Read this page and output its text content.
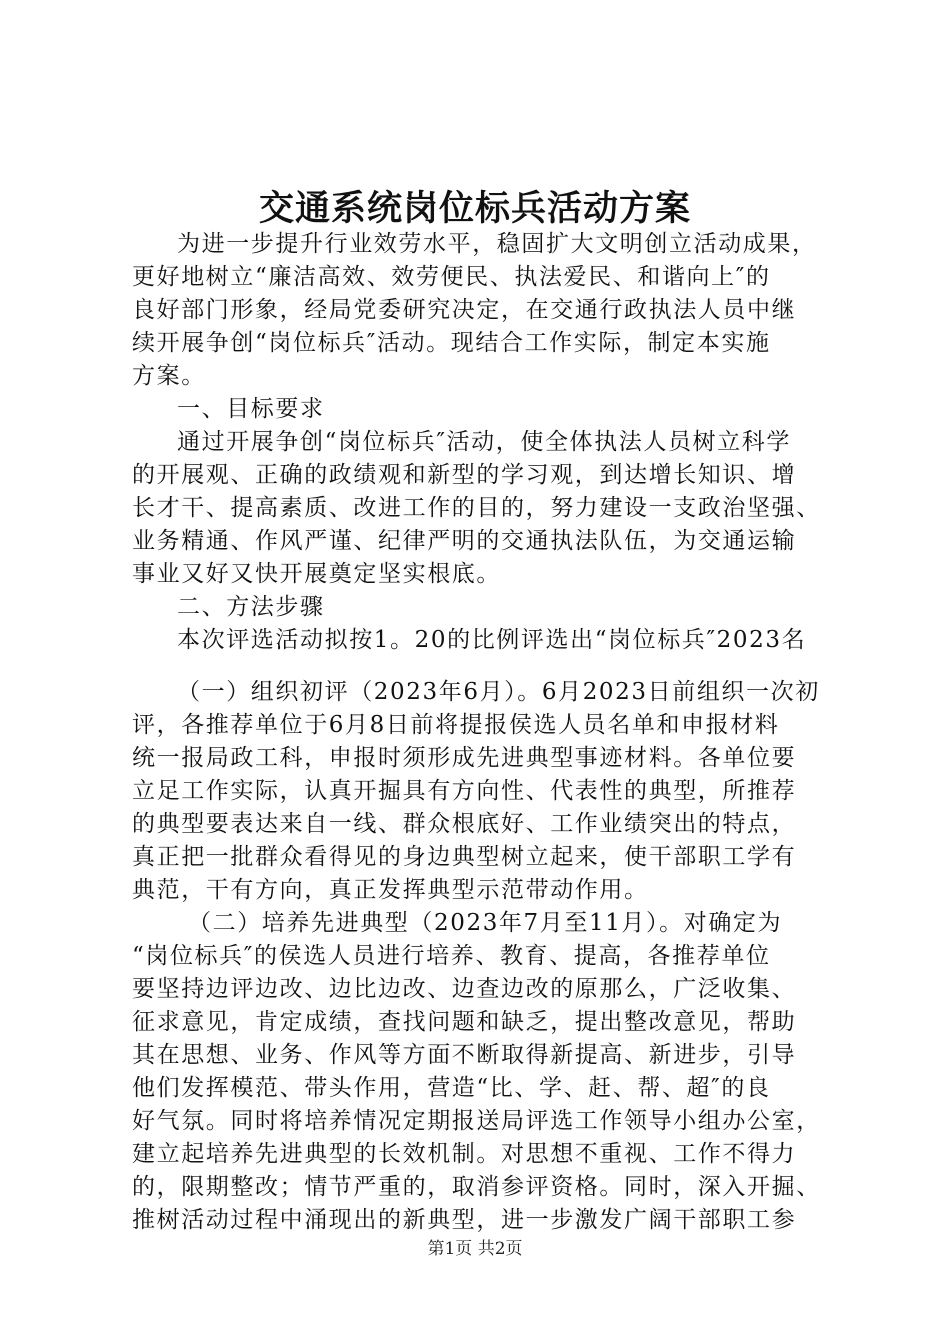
交通系统岗位标兵活动方案
为进一步提升行业效劳水平，稳固扩大文明创立活动成果，
更好地树立“廉洁高效、效劳便民、执法爱民、和谐向上″的
良好部门形象，经局党委研究决定，在交通行政执法人员中继
续开展争创“岗位标兵″活动。现结合工作实际，制定本实施
方案。
一、目标要求
通过开展争创“岗位标兵″活动，使全体执法人员树立科学
的开展观、正确的政绩观和新型的学习观，到达增长知识、增
长才干、提高素质、改进工作的目的，努力建设一支政治坚强、
业务精通、作风严谨、纪律严明的交通执法队伍，为交通运输
事业又好又快开展奠定坚实根底。
二、方法步骤
本次评选活动拟按1。20的比例评选出“岗位标兵″2023名
（一）组织初评（2023年6月）。6月2023日前组织一次初
评，各推荐单位于6月8日前将提报侯选人员名单和申报材料
统一报局政工科，申报时须形成先进典型事迹材料。各单位要
立足工作实际，认真开掘具有方向性、代表性的典型，所推荐
的典型要表达来自一线、群众根底好、工作业绩突出的特点，
真正把一批群众看得见的身边典型树立起来，使干部职工学有
典范，干有方向，真正发挥典型示范带动作用。
（二）培养先进典型（2023年7月至11月）。对确定为
“岗位标兵″的侯选人员进行培养、教育、提高，各推荐单位
要坚持边评边改、边比边改、边查边改的原那么，广泛收集、
征求意见，肯定成绩，查找问题和缺乏，提出整改意见，帮助
其在思想、业务、作风等方面不断取得新提高、新进步，引导
他们发挥模范、带头作用，营造“比、学、赶、帮、超″的良
好气氛。同时将培养情况定期报送局评选工作领导小组办公室，
建立起培养先进典型的长效机制。对思想不重视、工作不得力
的，限期整改；情节严重的，取消参评资格。同时，深入开掘、
推树活动过程中涌现出的新典型，进一步激发广阔干部职工参
第1页 共2页
